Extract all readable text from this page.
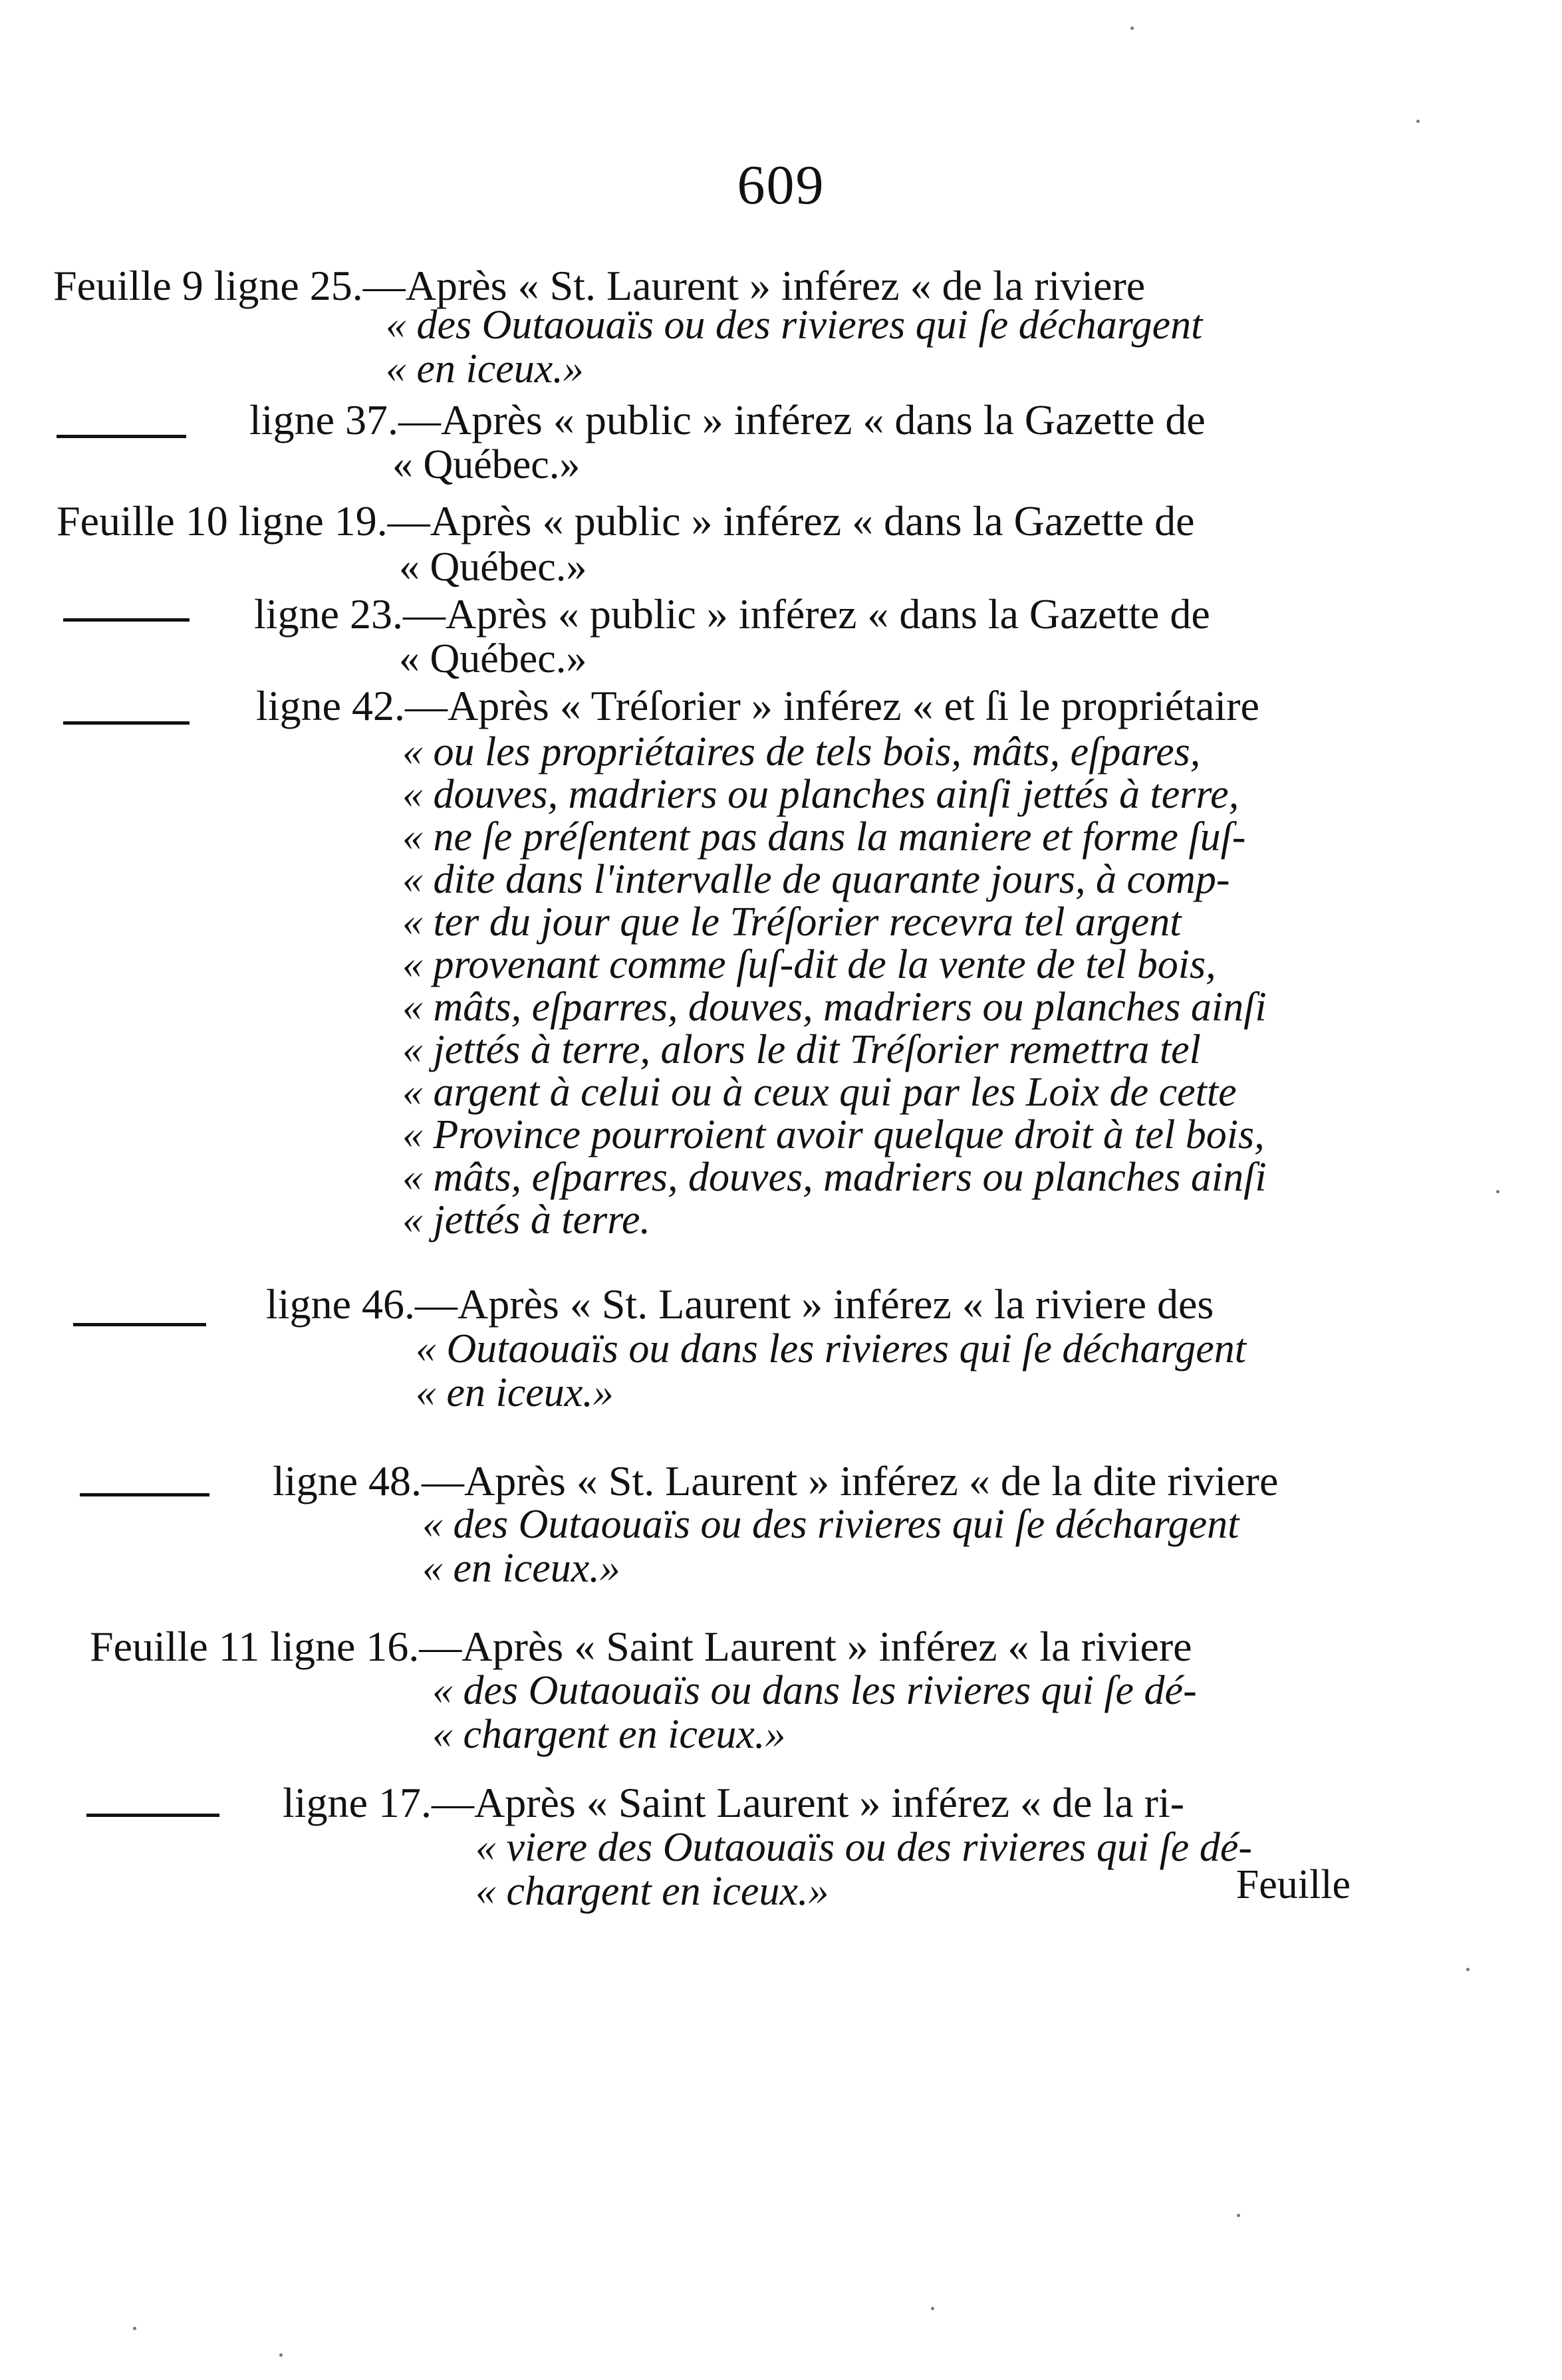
609
Feuille 9 ligne 25.—Après « St. Laurent » inférez « de la riviere
« des Outaouaïs ou des rivieres qui ſe déchargent
« en iceux.»
ligne 37.—Après « public » inférez « dans la Gazette de
« Québec.»
Feuille 10 ligne 19.—Après « public » inférez « dans la Gazette de
« Québec.»
ligne 23.—Après « public » inférez « dans la Gazette de
« Québec.»
ligne 42.—Après « Tréſorier » inférez « et ſi le propriétaire
« ou les propriétaires de tels bois, mâts, eſpares,
« douves, madriers ou planches ainſi jettés à terre,
« ne ſe préſentent pas dans la maniere et forme ſuſ-
« dite dans l'intervalle de quarante jours, à comp-
« ter du jour que le Tréſorier recevra tel argent
« provenant comme ſuſ-dit de la vente de tel bois,
« mâts, eſparres, douves, madriers ou planches ainſi
« jettés à terre, alors le dit Tréſorier remettra tel
« argent à celui ou à ceux qui par les Loix de cette
« Province pourroient avoir quelque droit à tel bois,
« mâts, eſparres, douves, madriers ou planches ainſi
« jettés à terre.
ligne 46.—Après « St. Laurent » inférez « la riviere des
« Outaouaïs ou dans les rivieres qui ſe déchargent
« en iceux.»
ligne 48.—Après « St. Laurent » inférez « de la dite riviere
« des Outaouaïs ou des rivieres qui ſe déchargent
« en iceux.»
Feuille 11 ligne 16.—Après « Saint Laurent » inférez « la riviere
« des Outaouaïs ou dans les rivieres qui ſe dé-
« chargent en iceux.»
ligne 17.—Après « Saint Laurent » inférez « de la ri-
« viere des Outaouaïs ou des rivieres qui ſe dé-
« chargent en iceux.»	Feuille
